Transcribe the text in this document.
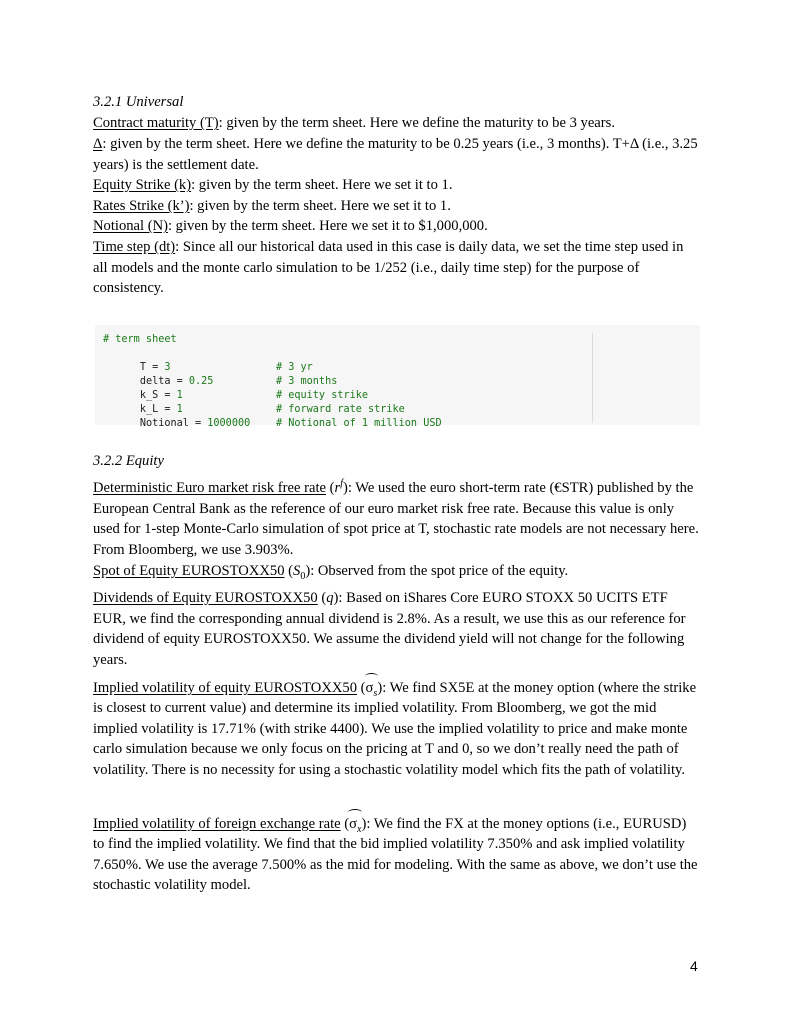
3.2.1 Universal
Contract maturity (T): given by the term sheet. Here we define the maturity to be 3 years.
Δ: given by the term sheet. Here we define the maturity to be 0.25 years (i.e., 3 months). T+Δ (i.e., 3.25 years) is the settlement date.
Equity Strike (k): given by the term sheet. Here we set it to 1.
Rates Strike (k’): given by the term sheet. Here we set it to 1.
Notional (N): given by the term sheet. Here we set it to $1,000,000.
Time step (dt): Since all our historical data used in this case is daily data, we set the time step used in all models and the monte carlo simulation to be 1/252 (i.e., daily time step) for the purpose of consistency.
# term sheet

T = 3	# 3 yr

delta = 0.25	# 3 months

k_S = 1	# equity strike

k_L = 1	# forward rate strike

Notional = 1000000	# Notional of 1 million USD

3.2.2 Equity
Deterministic Euro market risk free rate $(r^f)$: We used the euro short-term rate (€STR) published by the European Central Bank as the reference of our euro market risk free rate. Because this value is only used for 1-step Monte-Carlo simulation of spot price at T, stochastic rate models are not necessary here. From Bloomberg, we use 3.903%.
Spot of Equity EUROSTOXX50 $(S_0)$: Observed from the spot price of the equity.
Dividends of Equity EUROSTOXX50 (q): Based on iShares Core EURO STOXX 50 UCITS ETF EUR, we find the corresponding annual dividend is 2.8%. As a result, we use this as our reference for dividend of equity EUROSTOXX50. We assume the dividend yield will not change for the following years.
Implied volatility of equity EUROSTOXX50 $(\sigma_s)$: We find SX5E at the money option (where the strike is closest to current value) and determine its implied volatility. From Bloomberg, we got the mid implied volatility is 17.71% (with strike 4400). We use the implied volatility to price and make monte carlo simulation because we only focus on the pricing at T and 0, so we don’t really need the path of volatility. There is no necessity for using a stochastic volatility model which fits the path of volatility.
Implied volatility of foreign exchange rate $(\sigma_x)$: We find the FX at the money options (i.e., EURUSD) to find the implied volatility. We find that the bid implied volatility 7.350% and ask implied volatility 7.650%. We use the average 7.500% as the mid for modeling. With the same as above, we don’t use the stochastic volatility model.
4
